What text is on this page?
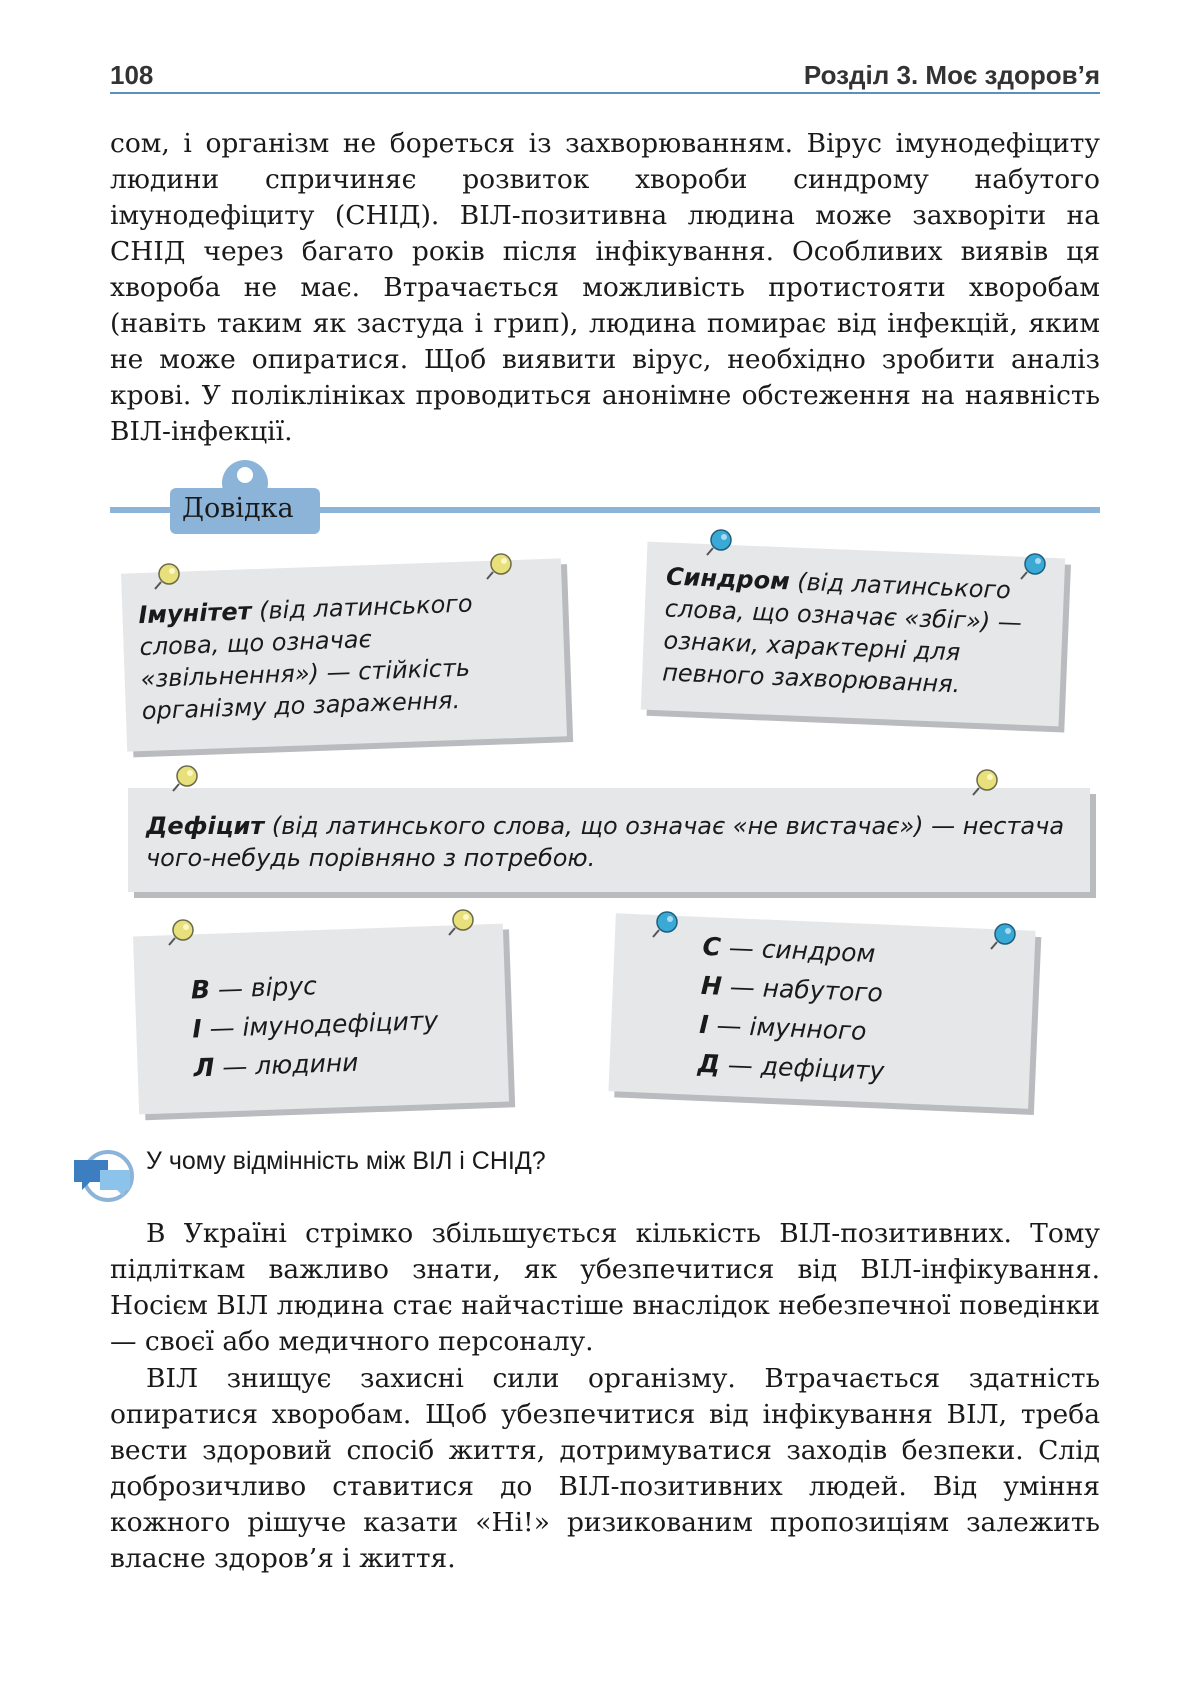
108	Розділ 3. Моє здоров’я

сом, і організм не бореться із захворюванням. Вірус імунодефіциту людини спричиняє розвиток хвороби синдрому набутого імунодефіциту (СНІД). ВІЛ-позитивна людина може захворіти на СНІД через багато років після інфікування. Особливих виявів ця хвороба не має. Втрачається можливість протистояти хворобам (навіть таким як застуда і грип), людина помирає від інфекцій, яким не може опиратися. Щоб виявити вірус, необхідно зробити аналіз крові. У поліклініках проводиться анонімне обстеження на наявність ВІЛ-інфекції.

Довідка
Імунітет (від латинського слова, що означає «звільнення») — стійкість організму до зараження.
Синдром (від латинського слова, що означає «збіг») — ознаки, характерні для певного захворювання.
Дефіцит (від латинського слова, що означає «не вистачає») — нестача чого-небудь порівняно з потребою.
В — вірус
І — імунодефіциту
Л — людини
С — синдром
Н — набутого
І — імунного
Д — дефіциту
У чому відмінність між ВІЛ і СНІД?

В Україні стрімко збільшується кількість ВІЛ-позитивних. Тому підліткам важливо знати, як убезпечитися від ВІЛ-інфікування. Носієм ВІЛ людина стає найчастіше внаслідок небезпечної поведінки — своєї або медичного персоналу.

ВІЛ знищує захисні сили організму. Втрачається здатність опиратися хворобам. Щоб убезпечитися від інфікування ВІЛ, треба вести здоровий спосіб життя, дотримуватися заходів безпеки. Слід доброзичливо ставитися до ВІЛ-позитивних людей. Від уміння кожного рішуче казати «Ні!» ризикованим пропозиціям залежить власне здоров’я і життя.
